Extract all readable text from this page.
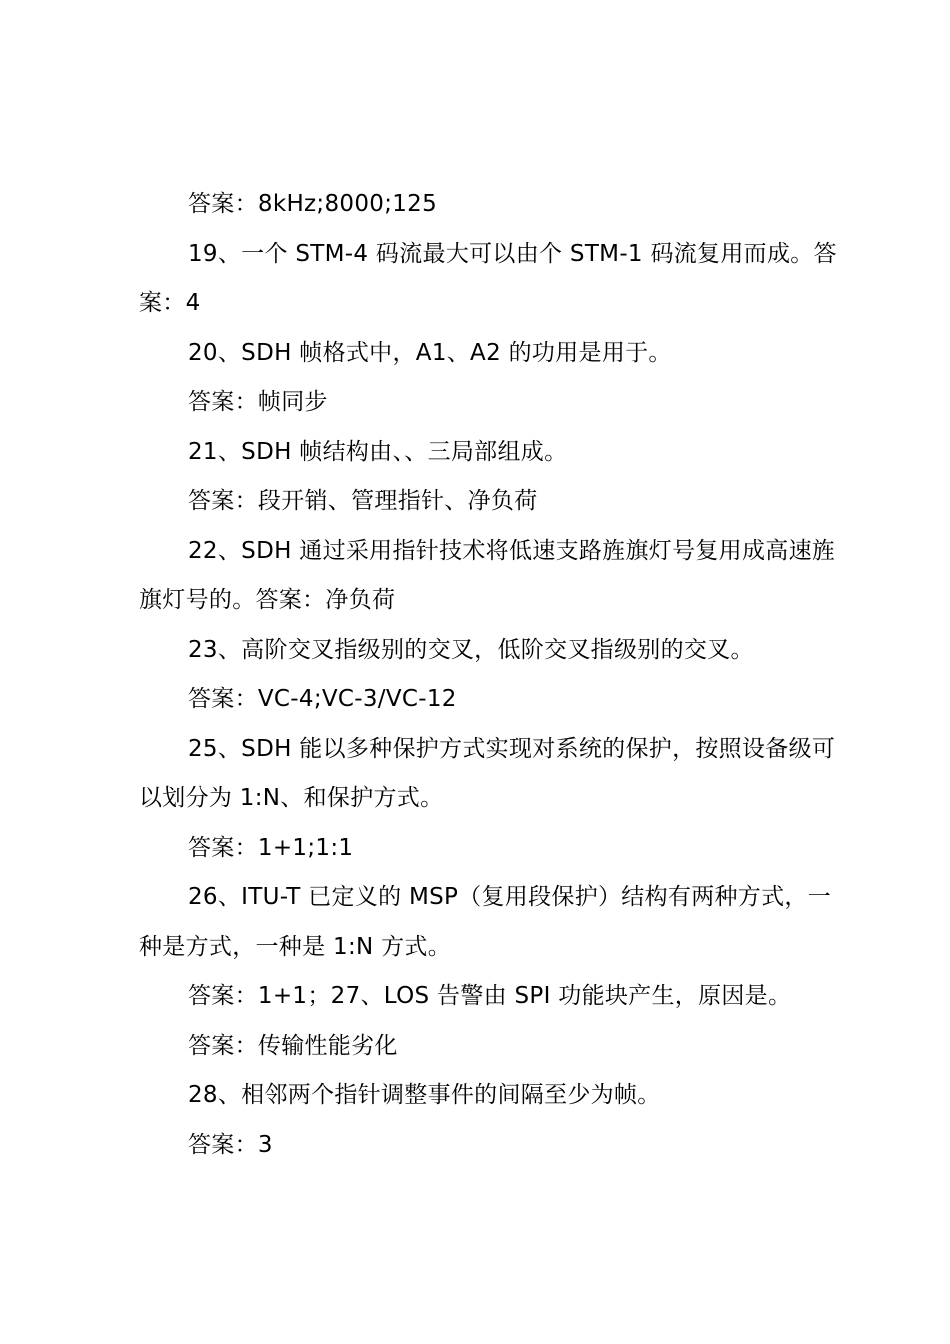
答案：8kHz;8000;125

19、一个 STM-4 码流最大可以由个 STM-1 码流复用而成。答案：4

20、SDH 帧格式中，A1、A2 的功用是用于。

答案：帧同步

21、SDH 帧结构由、、三局部组成。

答案：段开销、管理指针、净负荷

22、SDH 通过采用指针技术将低速支路旌旗灯号复用成高速旌旗灯号的。答案：净负荷

23、高阶交叉指级别的交叉，低阶交叉指级别的交叉。

答案：VC-4;VC-3/VC-12

25、SDH 能以多种保护方式实现对系统的保护，按照设备级可以划分为 1:N、和保护方式。

答案：1+1;1:1

26、ITU-T 已定义的 MSP（复用段保护）结构有两种方式，一种是方式，一种是 1:N 方式。

答案：1+1；27、LOS 告警由 SPI 功能块产生，原因是。

答案：传输性能劣化

28、相邻两个指针调整事件的间隔至少为帧。

答案：3
